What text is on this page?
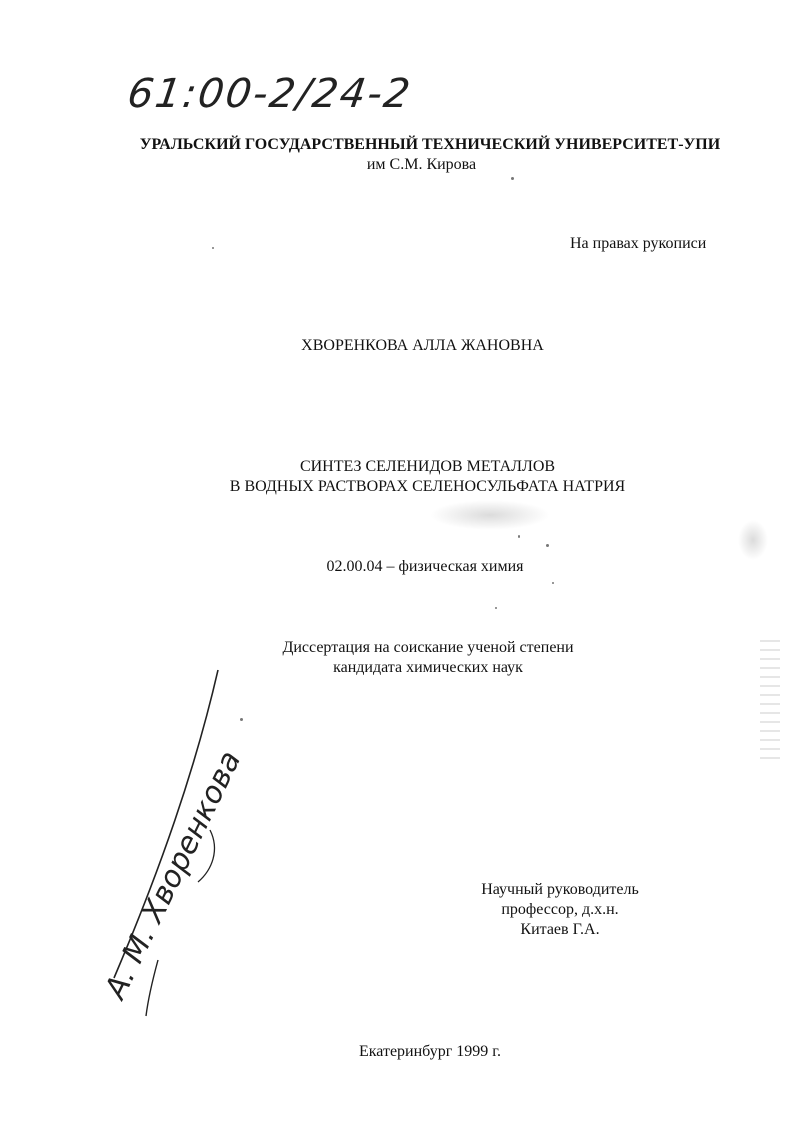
61:00-2/24-2
УРАЛЬСКИЙ ГОСУДАРСТВЕННЫЙ ТЕХНИЧЕСКИЙ УНИВЕРСИТЕТ-УПИ
им С.М. Кирова
На правах рукописи
ХВОРЕНКОВА АЛЛА ЖАНОВНА
СИНТЕЗ СЕЛЕНИДОВ МЕТАЛЛОВ
В ВОДНЫХ РАСТВОРАХ СЕЛЕНОСУЛЬФАТА НАТРИЯ
02.00.04 – физическая химия
Диссертация на соискание ученой степени
кандидата химических наук
Научный руководитель
профессор, д.х.н.
Китаев Г.А.
Екатеринбург 1999 г.
А. М. Хворенкова
